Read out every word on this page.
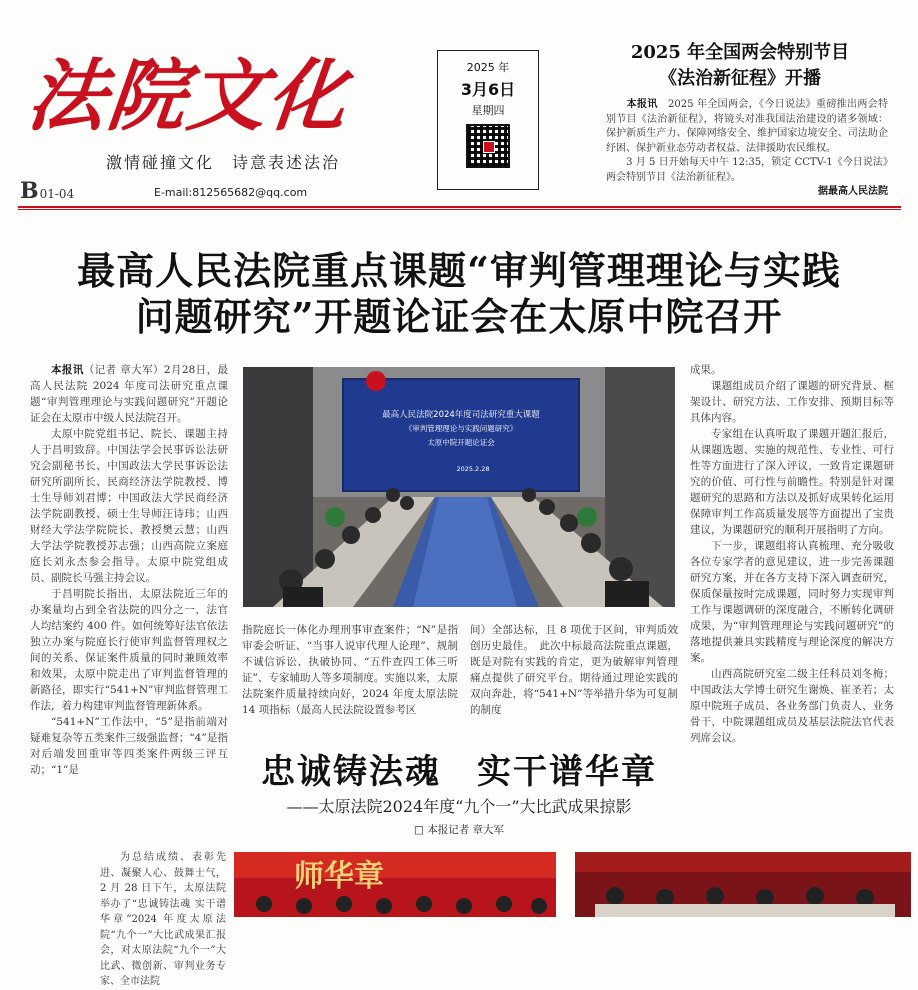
法院文化
激情碰撞文化　诗意表述法治
B01-04	E-mail:812565682@qq.com
2025 年
3月6日
星期四
2025 年全国两会特别节目
《法治新征程》开播
　　本报讯　 2025 年全国两会，《今日说法》重磅推出两会特别节目《法治新征程》，将镜头对准我国法治建设的诸多领域：保护新质生产力、保障网络安全、维护国家边境安全、司法助企纾困、保护新业态劳动者权益、法律援助农民维权。
　　3 月 5 日开始每天中午 12:35，锁定 CCTV-1《今日说法》两会特别节目《法治新征程》。
据最高人民法院
最高人民法院重点课题“审判管理理论与实践
问题研究”开题论证会在太原中院召开

本报讯（记者 章大军）2月28日，最高人民法院 2024 年度司法研究重点课题“审判管理理论与实践问题研究”开题论证会在太原市中级人民法院召开。

太原中院党组书记、院长、课题主持人于昌明致辞。中国法学会民事诉讼法研究会副秘书长、中国政法大学民事诉讼法研究所副所长、民商经济法学院教授、博士生导师刘君博；中国政法大学民商经济法学院副教授、硕士生导师汪诗玮；山西财经大学法学院院长、教授樊云慧；山西大学法学院教授苏志强；山西高院立案庭庭长刘永杰参会指导。太原中院党组成员、副院长马强主持会议。

于昌明院长指出，太原法院近三年的办案量均占到全省法院的四分之一，法官人均结案约 400 件。如何统筹好法官依法独立办案与院庭长行使审判监督管理权之间的关系、保证案件质量的同时兼顾效率和效果，太原中院走出了审判监督管理的新路径，即实行“541+N”审判监督管理工作法，着力构建审判监督管理新体系。

“541+N”工作法中，“5”是指前端对疑难复杂等五类案件三级强监督；“4”是指对后端发回重审等四类案件两级三评互动；“1”是

最高人民法院2024年度司法研究重大课题
《审判管理理论与实践问题研究》
太原中院开题论证会
2025.2.28

指院庭长一体化办理刑事审查案件；“N”是指审委会听证、“当事人说审代理人论理”、规制不诚信诉讼、执破协同、“五件查四工体三听证”、专家辅助人等多项制度。实施以来，太原法院案件质量持续向好，2024 年度太原法院 14 项指标（最高人民法院设置参考区

间）全部达标，且 8 项优于区间，审判质效创历史最佳。　此次中标最高法院重点课题，既是对院有实践的肯定，更为破解审判管理痛点提供了研究平台。期待通过理论实践的双向奔赴，将“541+N”等举措升华为可复制的制度

成果。

课题组成员介绍了课题的研究背景、框架设计、研究方法、工作安排、预期目标等具体内容。

专家组在认真听取了课题开题汇报后，从课题选题、实施的规范性、专业性、可行性等方面进行了深入评议，一致肯定课题研究的价值、可行性与前瞻性。特别是针对课题研究的思路和方法以及抓好成果转化运用保障审判工作高质量发展等方面提出了宝贵建议，为课题研究的顺利开展指明了方向。

下一步，课题组将认真梳理、充分吸收各位专家学者的意见建议，进一步完善课题研究方案，并在各方支持下深入调查研究，保质保量按时完成课题，同时努力实现审判工作与课题调研的深度融合，不断转化调研成果，为“审判管理理论与实践问题研究”的落地提供兼具实践精度与理论深度的解决方案。

山西高院研究室二级主任科员刘冬梅；中国政法大学博士研究生谢焕、崔圣若；太原中院班子成员、各业务部门负责人、业务骨干，中院课题组成员及基层法院法官代表列席会议。

忠诚铸法魂　实干谱华章
——太原法院2024年度“九个一”大比武成果掠影
□ 本报记者 章大军

为总结成绩、表彰先进、凝聚人心、鼓舞士气，2 月 28 日下午，太原法院举办了“忠诚铸法魂 实干谱华章”2024 年度太原法院“九个一”大比武成果汇报会，对太原法院“九个一”大比武、微创新、审判业务专家、全市法院

师华章
